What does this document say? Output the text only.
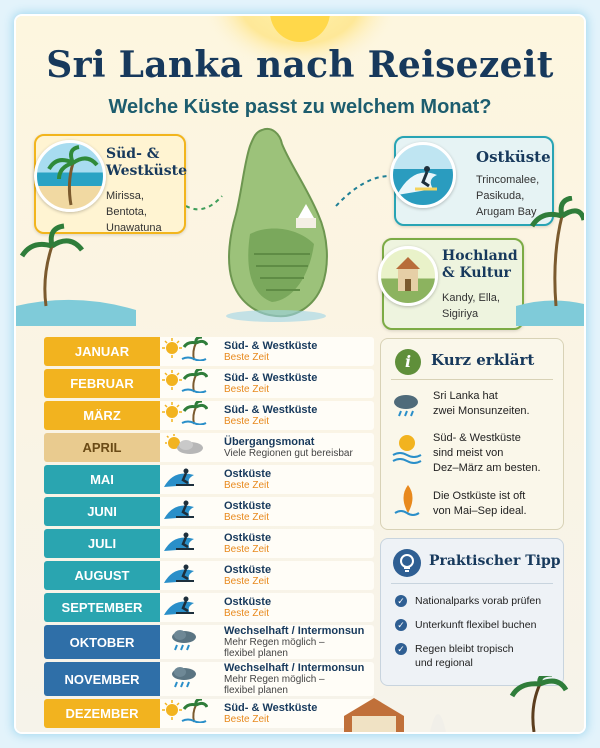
Sri Lanka nach Reisezeit
Welche Küste passt zu welchem Monat?
Süd- &
Westküste

Mirissa, Bentota,
Unawatuna

Ostküste

Trincomalee,
Pasikuda,
Arugam Bay

Hochland
& Kultur

Kandy, Ella,
Sigiriya

JANUAR		Süd- & Westküste
Beste Zeit

FEBRUAR		Süd- & Westküste
Beste Zeit

MÄRZ		Süd- & Westküste
Beste Zeit

APRIL		Übergangsmonat
Viele Regionen gut bereisbar

MAI		Ostküste
Beste Zeit

JUNI		Ostküste
Beste Zeit

JULI		Ostküste
Beste Zeit

AUGUST		Ostküste
Beste Zeit

SEPTEMBER		Ostküste
Beste Zeit

OKTOBER		Wechselhaft / Intermonsun
Mehr Regen möglich –
flexibel planen

NOVEMBER		Wechselhaft / Intermonsun
Mehr Regen möglich –
flexibel planen

DEZEMBER		Süd- & Westküste
Beste Zeit
i	Kurz erklärt
Sri Lanka hat
zwei Monsunzeiten.
Süd- & Westküste
sind meist von
Dez–März am besten.
Die Ostküste ist oft
von Mai–Sep ideal.
Praktischer Tipp
✓ Nationalparks vorab prüfen
✓ Unterkunft flexibel buchen
✓ Regen bleibt tropisch
und regional
